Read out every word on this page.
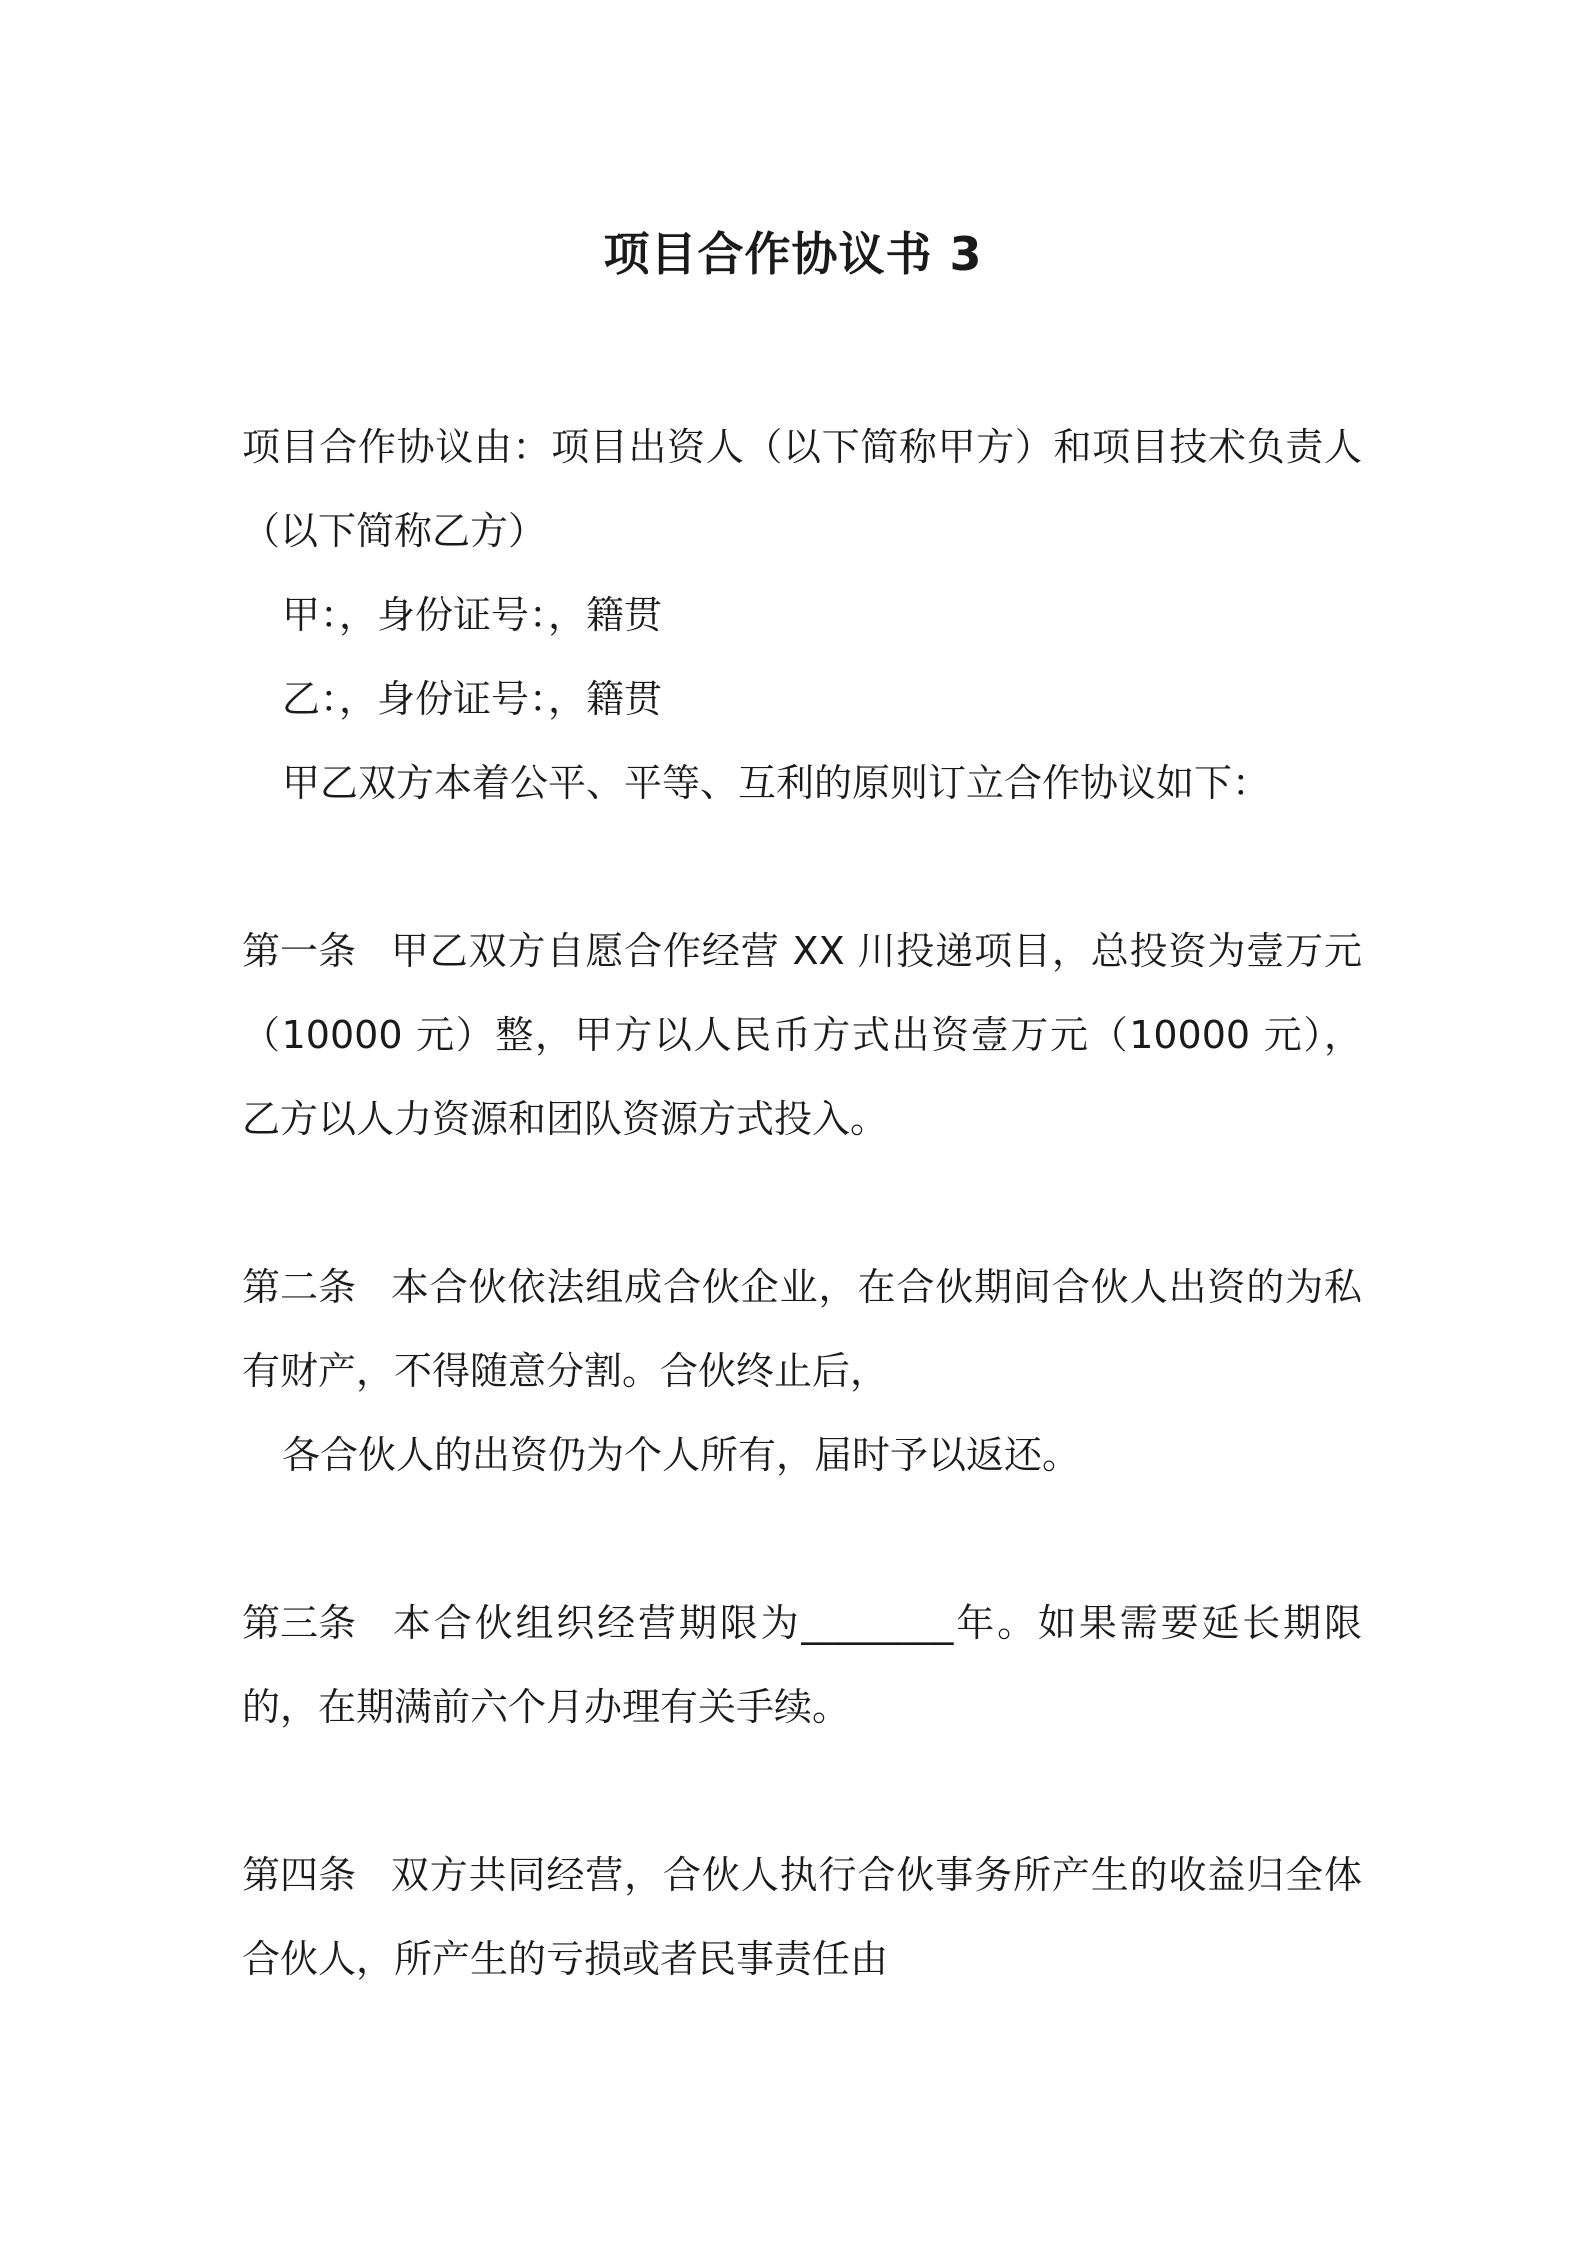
项目合作协议书 3

项目合作协议由：项目出资人（以下简称甲方）和项目技术负责人（以下简称乙方）

甲：，身份证号：，籍贯

乙：，身份证号：，籍贯

甲乙双方本着公平、平等、互利的原则订立合作协议如下：

第一条 甲乙双方自愿合作经营 XX 川投递项目，总投资为壹万元（10000 元）整，甲方以人民币方式出资壹万元（10000 元），乙方以人力资源和团队资源方式投入。

第二条 本合伙依法组成合伙企业，在合伙期间合伙人出资的为私有财产，不得随意分割。合伙终止后，
各合伙人的出资仍为个人所有，届时予以返还。

第三条 本合伙组织经营期限为________年。如果需要延长期限的，在期满前六个月办理有关手续。

第四条 双方共同经营，合伙人执行合伙事务所产生的收益归全体合伙人，所产生的亏损或者民事责任由
